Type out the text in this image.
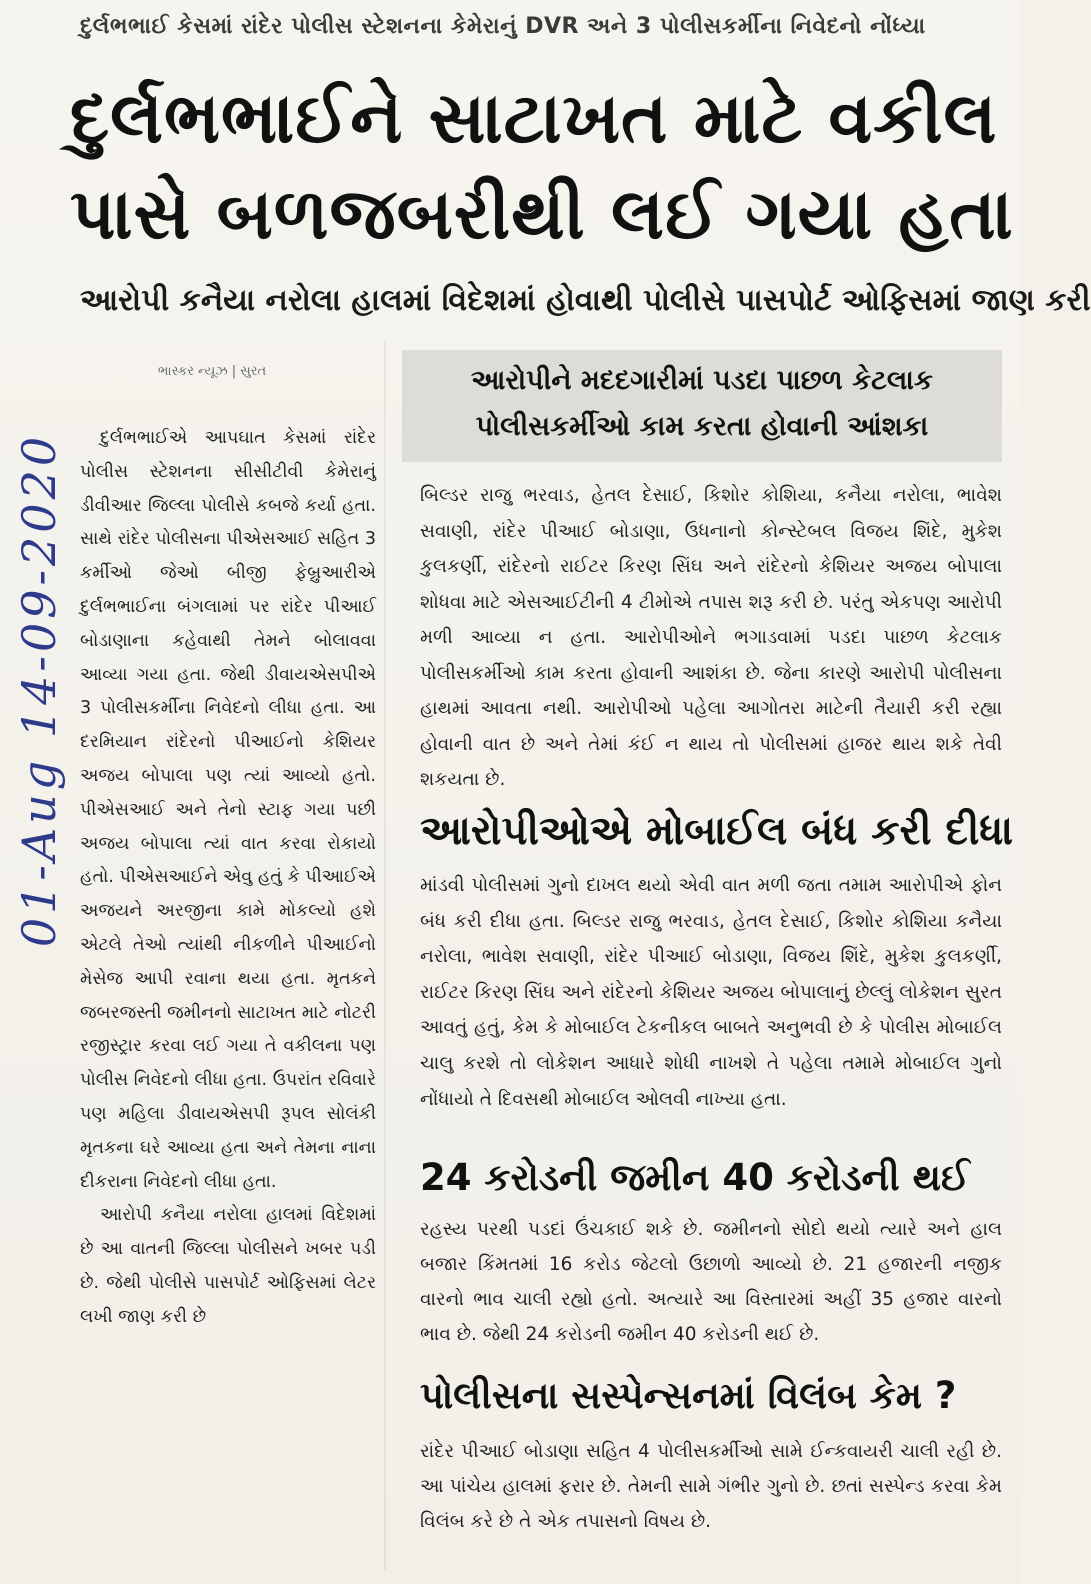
દુર્લભભાઈ કેસમાં રાંદેર પોલીસ સ્ટેશનના કેમેરાનું DVR અને 3 પોલીસકર્મીના નિવેદનો નોંધ્યા
દુર્લભભાઈને સાટાખત માટે વકીલ
પાસે બળજબરીથી લઈ ગયા હતા
આરોપી કનૈયા નરોલા હાલમાં વિદેશમાં હોવાથી પોલીસે પાસપોર્ટ ઓફિસમાં જાણ કરી
ભાસ્કર ન્યૂઝ | સુરત
01-Aug 14-09-2020	દુર્લભભાઈએ આપઘાત કેસમાં રાંદેર પોલીસ સ્ટેશનના સીસીટીવી કેમેરાનું ડીવીઆર જિલ્લા પોલીસે કબજે કર્યા હતા. સાથે રાંદેર પોલીસના પીએસઆઈ સહિત 3 કર્મીઓ જેઓ બીજી ફેબ્રુઆરીએ દુર્લભભાઈના બંગલામાં પર રાંદેર પીઆઈ બોડાણાના કહેવાથી તેમને બોલાવવા આવ્યા ગયા હતા. જેથી ડીવાયએસપીએ 3 પોલીસકર્મીના નિવેદનો લીધા હતા. આ દરમિયાન રાંદેરનો પીઆઈનો કેશિયર અજય બોપાલા પણ ત્યાં આવ્યો હતો. પીએસઆઈ અને તેનો સ્ટાફ ગયા પછી અજય બોપાલા ત્યાં વાત કરવા રોકાયો હતો. પીએસઆઈને એવુ હતું કે પીઆઈએ અજયને અરજીના કામે મોકલ્યો હશે એટલે તેઓ ત્યાંથી નીકળીને પીઆઈનો મેસેજ આપી રવાના થયા હતા. મૃતકને જબરજસ્તી જમીનનો સાટાખત માટે નોટરી રજીસ્ટ્રાર કરવા લઈ ગયા તે વકીલના પણ પોલીસ નિવેદનો લીધા હતા. ઉપરાંત રવિવારે પણ મહિલા ડીવાયએસપી રૂપલ સોલંકી મૃતકના ઘરે આવ્યા હતા અને તેમના નાના દીકરાના નિવેદનો લીધા હતા.

આરોપી કનૈયા નરોલા હાલમાં વિદેશમાં છે આ વાતની જિલ્લા પોલીસને ખબર પડી છે. જેથી પોલીસે પાસપોર્ટ ઓફિસમાં લેટર લખી જાણ કરી છે

આરોપીને મદદગારીમાં પડદા પાછળ કેટલાક
પોલીસકર્મીઓ કામ કરતા હોવાની આંશકા

બિલ્ડર રાજુ ભરવાડ, હેતલ દેસાઈ, કિશોર કોશિયા, કનૈયા નરોલા, ભાવેશ સવાણી, રાંદેર પીઆઈ બોડાણા, ઉધનાનો કોન્સ્ટેબલ વિજય શિંદે, મુકેશ કુલકર્ણી, રાંદેરનો રાઈટર કિરણ સિંઘ અને રાંદેરનો કેશિયર અજય બોપાલા શોધવા માટે એસઆઈટીની 4 ટીમોએ તપાસ શરૂ કરી છે. પરંતુ એકપણ આરોપી મળી આવ્યા ન હતા. આરોપીઓને ભગાડવામાં પડદા પાછળ કેટલાક પોલીસકર્મીઓ કામ કરતા હોવાની આશંકા છે. જેના કારણે આરોપી પોલીસના હાથમાં આવતા નથી. આરોપીઓ પહેલા આગોતરા માટેની તૈયારી કરી રહ્યા હોવાની વાત છે અને તેમાં કંઈ ન થાય તો પોલીસમાં હાજર થાય શકે તેવી શકયતા છે.

આરોપીઓએ મોબાઈલ બંધ કરી દીધા

માંડવી પોલીસમાં ગુનો દાખલ થયો એવી વાત મળી જતા તમામ આરોપીએ ફોન બંધ કરી દીધા હતા. બિલ્ડર રાજુ ભરવાડ, હેતલ દેસાઈ, કિશોર કોશિયા કનૈયા નરોલા, ભાવેશ સવાણી, રાંદેર પીઆઈ બોડાણા, વિજય શિંદે, મુકેશ કુલકર્ણી, રાઈટર કિરણ સિંઘ અને રાંદેરનો કેશિયર અજય બોપાલાનું છેલ્લું લોકેશન સુરત આવતું હતું, કેમ કે મોબાઈલ ટેકનીકલ બાબતે અનુભવી છે કે પોલીસ મોબાઈલ ચાલુ કરશે તો લોકેશન આધારે શોધી નાખશે તે પહેલા તમામે મોબાઈલ ગુનો નોંધાયો તે દિવસથી મોબાઈલ ઓલવી નાખ્યા હતા.

24 કરોડની જમીન 40 કરોડની થઈ

રહસ્ય પરથી પડદાં ઉંચકાઈ શકે છે. જમીનનો સોદો થયો ત્યારે અને હાલ બજાર કિંમતમાં 16 કરોડ જેટલો ઉછાળો આવ્યો છે. 21 હજારની નજીક વારનો ભાવ ચાલી રહ્યો હતો. અત્યારે આ વિસ્તારમાં અહીં 35 હજાર વારનો ભાવ છે. જેથી 24 કરોડની જમીન 40 કરોડની થઈ છે.

પોલીસના સસ્પેન્સનમાં વિલંબ કેમ ?

રાંદેર પીઆઈ બોડાણા સહિત 4 પોલીસકર્મીઓ સામે ઈન્કવાયરી ચાલી રહી છે. આ પાંચેય હાલમાં ફરાર છે. તેમની સામે ગંભીર ગુનો છે. છતાં સસ્પેન્ડ કરવા કેમ વિલંબ કરે છે તે એક તપાસનો વિષય છે.
